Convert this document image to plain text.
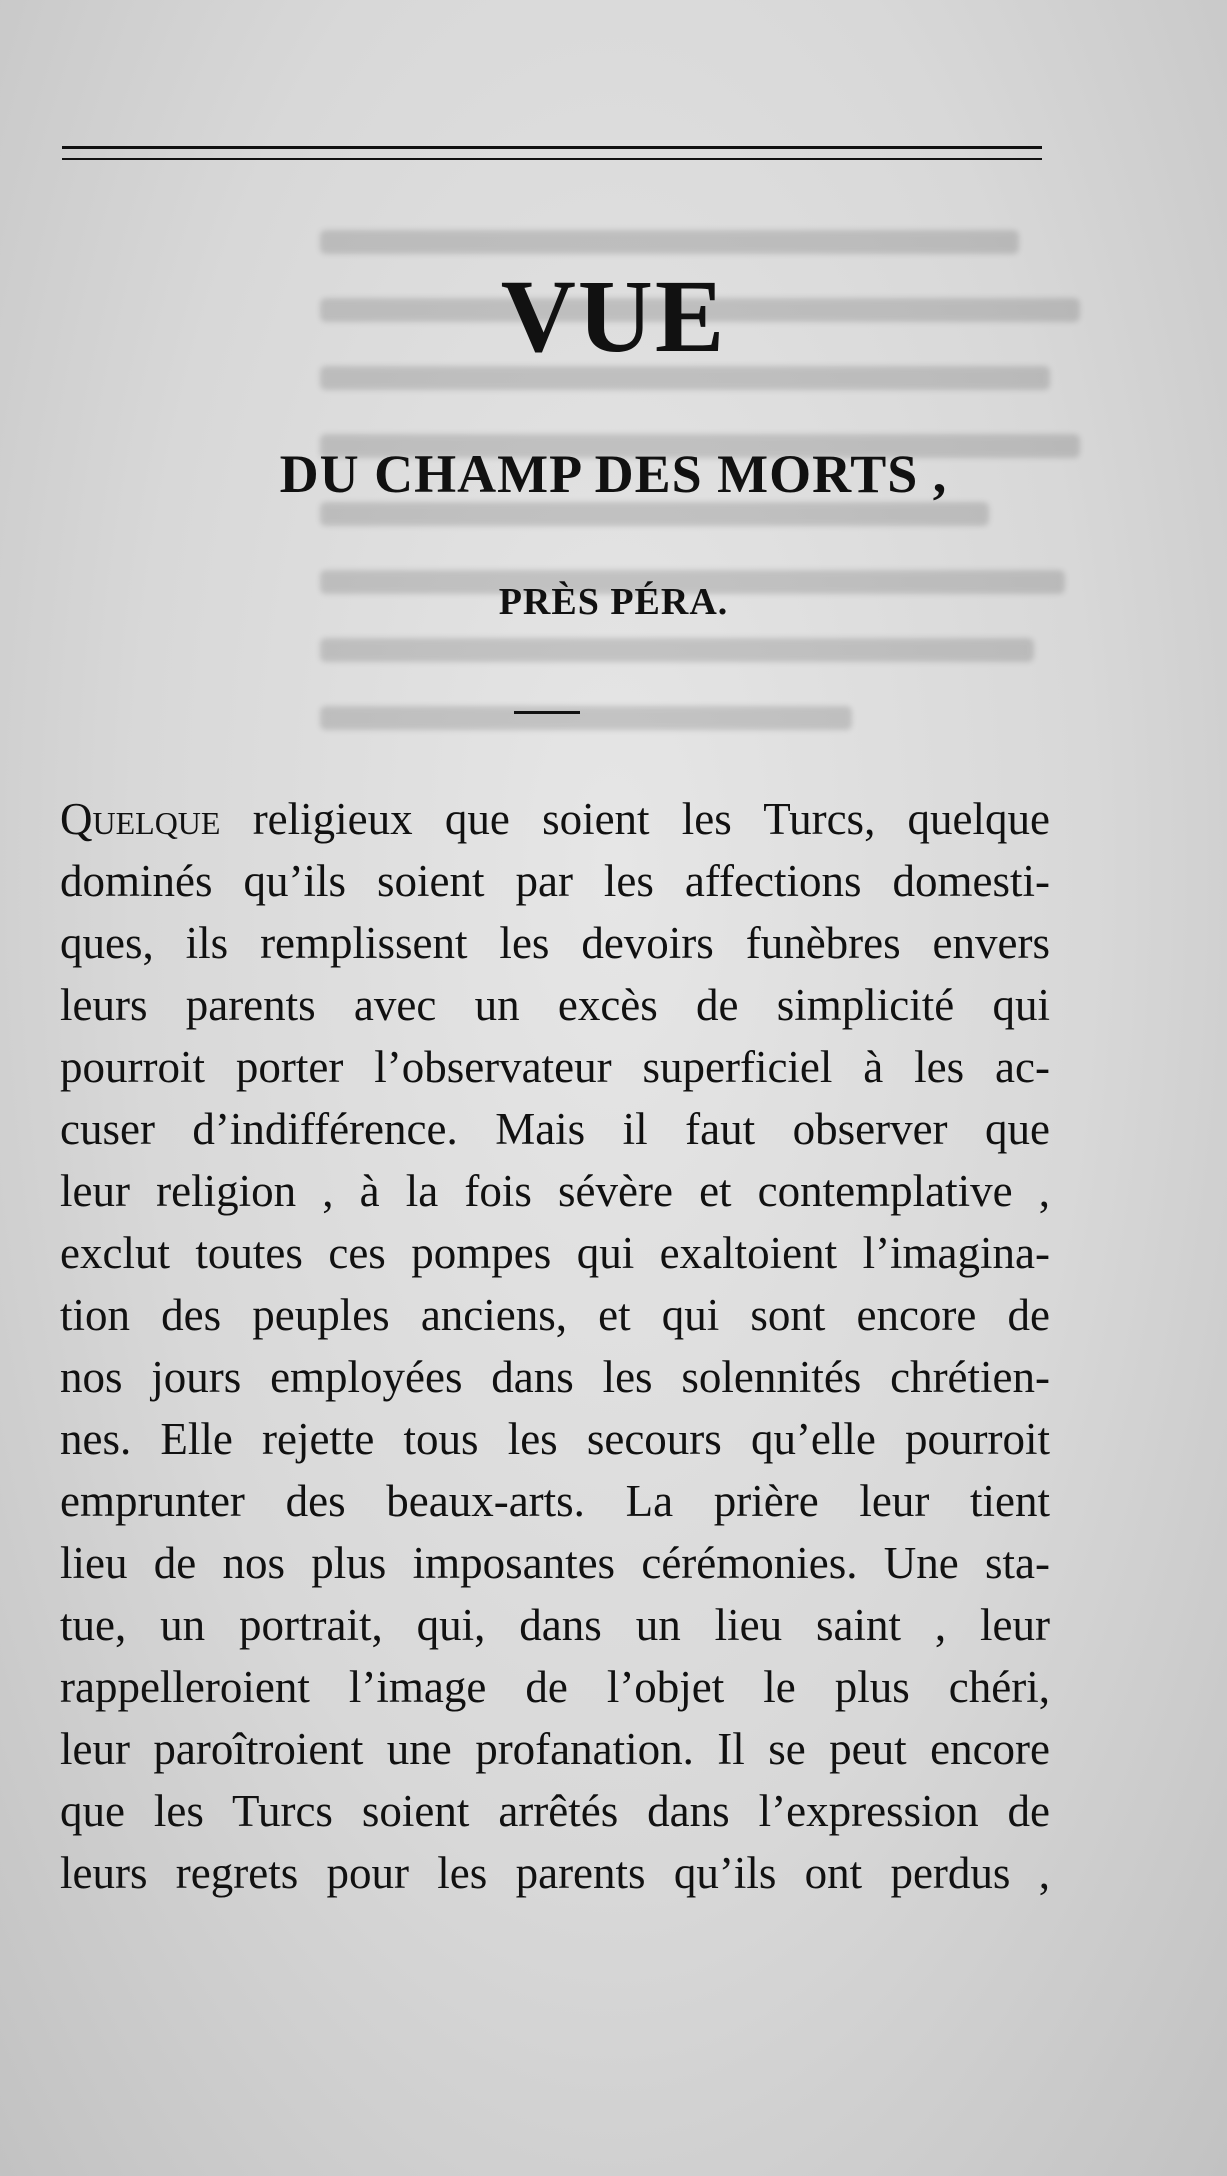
VUE
DU CHAMP DES MORTS ,
PRÈS PÉRA.
Quelque religieux que soient les Turcs, quelque
dominés qu’ils soient par les affections domesti-
ques, ils remplissent les devoirs funèbres envers
leurs parents avec un excès de simplicité qui
pourroit porter l’observateur superficiel à les ac-
cuser d’indifférence. Mais il faut observer que
leur religion , à la fois sévère et contemplative ,
exclut toutes ces pompes qui exaltoient l’imagina-
tion des peuples anciens, et qui sont encore de
nos jours employées dans les solennités chrétien-
nes. Elle rejette tous les secours qu’elle pourroit
emprunter des beaux-arts. La prière leur tient
lieu de nos plus imposantes cérémonies. Une sta-
tue, un portrait, qui, dans un lieu saint , leur
rappelleroient l’image de l’objet le plus chéri,
leur paroîtroient une profanation. Il se peut encore
que les Turcs soient arrêtés dans l’expression de
leurs regrets pour les parents qu’ils ont perdus ,
